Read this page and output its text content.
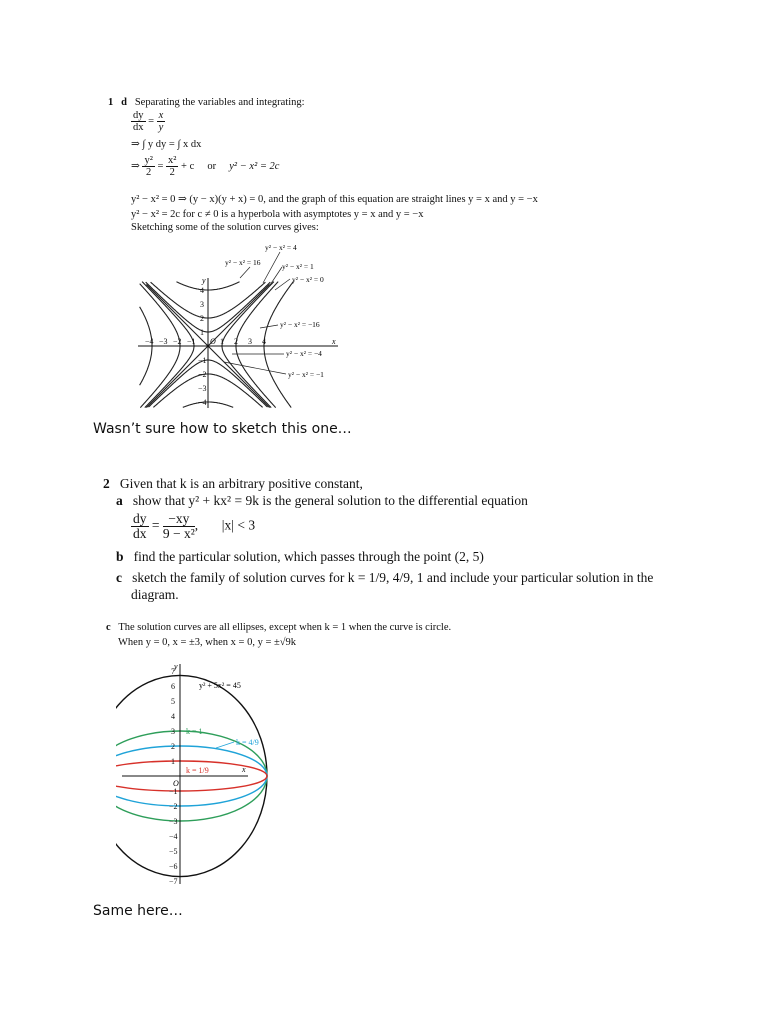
1 d Separating the variables and integrating:
$\frac{dy}{dx} = \frac{x}{y}$
⇒ ∫ y dy = ∫ x dx
⇒ $\frac{\text{y²}}{2} = \frac{\text{x²}}{2} + c$ or y² − x² = 2c
y² − x² = 0 ⇒ (y − x)(y + x) = 0, and the graph of this equation are straight lines y = x and y = −x
y² − x² = 2c for c ≠ 0 is a hyperbola with asymptotes y = x and y = −x
Sketching some of the solution curves gives:
−4 −3 −2 −1 O 1 2 3 4
1
2
3
4
−1
−2
−3
−4
x
y
y² − x² = 4
y² − x² = 16	y² − x² = 1
y² − x² = 0
y² − x² = −16
y² − x² = −4
y² − x² = −1
Wasn’t sure how to sketch this one…
2 Given that k is an arbitrary positive constant,
a show that y² + kx² = 9k is the general solution to the differential equation
$\frac{dy}{dx} = \frac{-xy}{\text{9 − x²}}$ ,       |x| < 3
b find the particular solution, which passes through the point (2, 5)
c sketch the family of solution curves for k = 1/9, 4/9, 1 and include your particular solution in the
diagram.
c The solution curves are all ellipses, except when k = 1 when the curve is circle.
When y = 0, x = ±3, when x = 0, y = ±√9k
1
2
3
4
5
6
7
−1
−2
−3
−4
−5
−6
−7
x
y
O
y² + 5x² = 45
k = 1
k = 4/9
k = 1/9
Same here…
